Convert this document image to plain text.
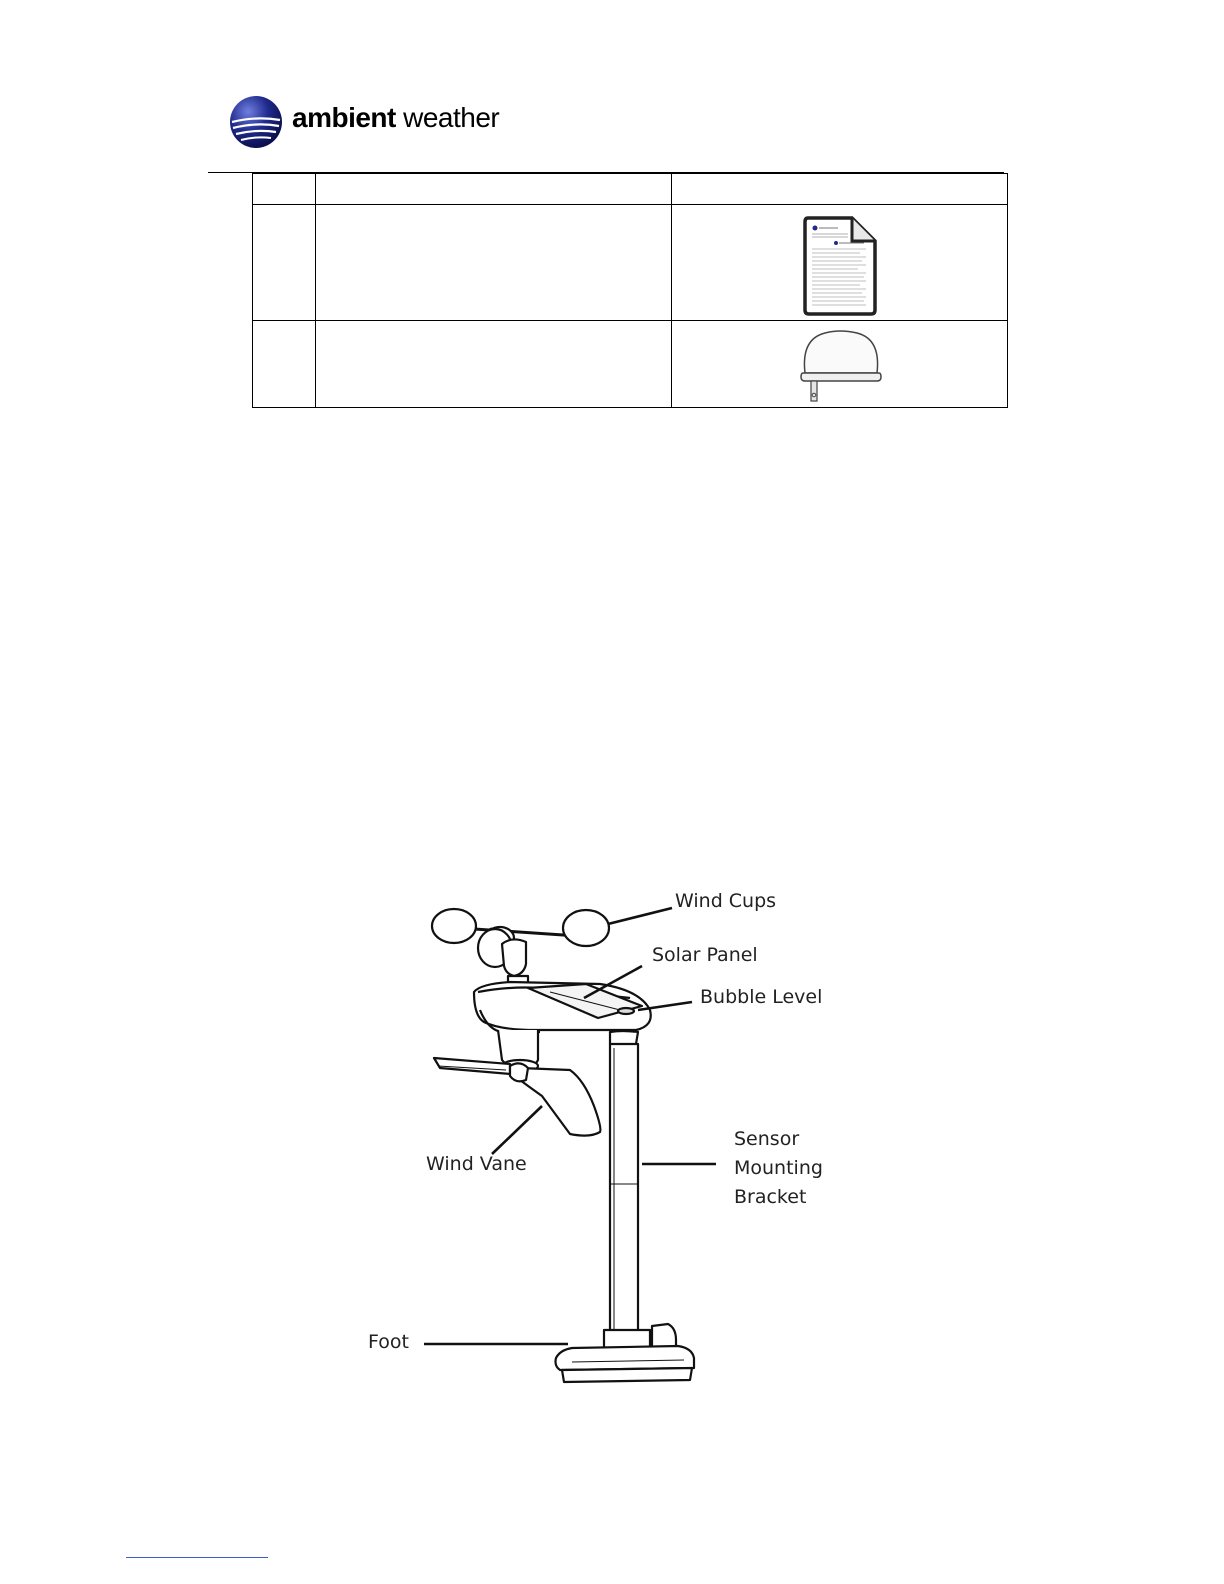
ambient weather

Wind Cups
Solar Panel
Bubble Level
Wind Vane
Sensor
Mounting
Bracket
Foot
